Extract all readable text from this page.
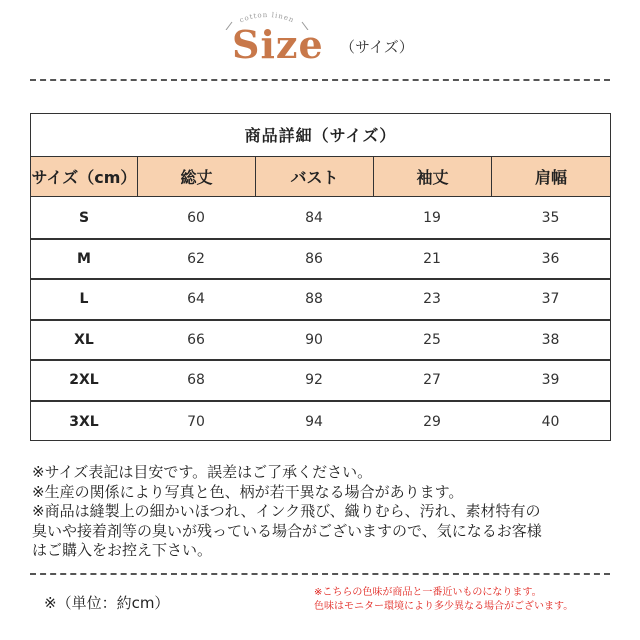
cotton linen
Size （サイズ）
商品詳細（サイズ）
サイズ（cm）	総丈	バスト	袖丈	肩幅
S	60	84	19	35
M	62	86	21	36
L	64	88	23	37
XL	66	90	25	38
2XL	68	92	27	39
3XL	70	94	29	40
※サイズ表記は目安です。誤差はご了承ください。
※生産の関係により写真と色、柄が若干異なる場合があります。
※商品は縫製上の細かいほつれ、インク飛び、織りむら、汚れ、素材特有の
臭いや接着剤等の臭いが残っている場合がございますので、気になるお客様
はご購入をお控え下さい。
※（単位：約cm）
※こちらの色味が商品と一番近いものになります。
色味はモニター環境により多少異なる場合がございます。
